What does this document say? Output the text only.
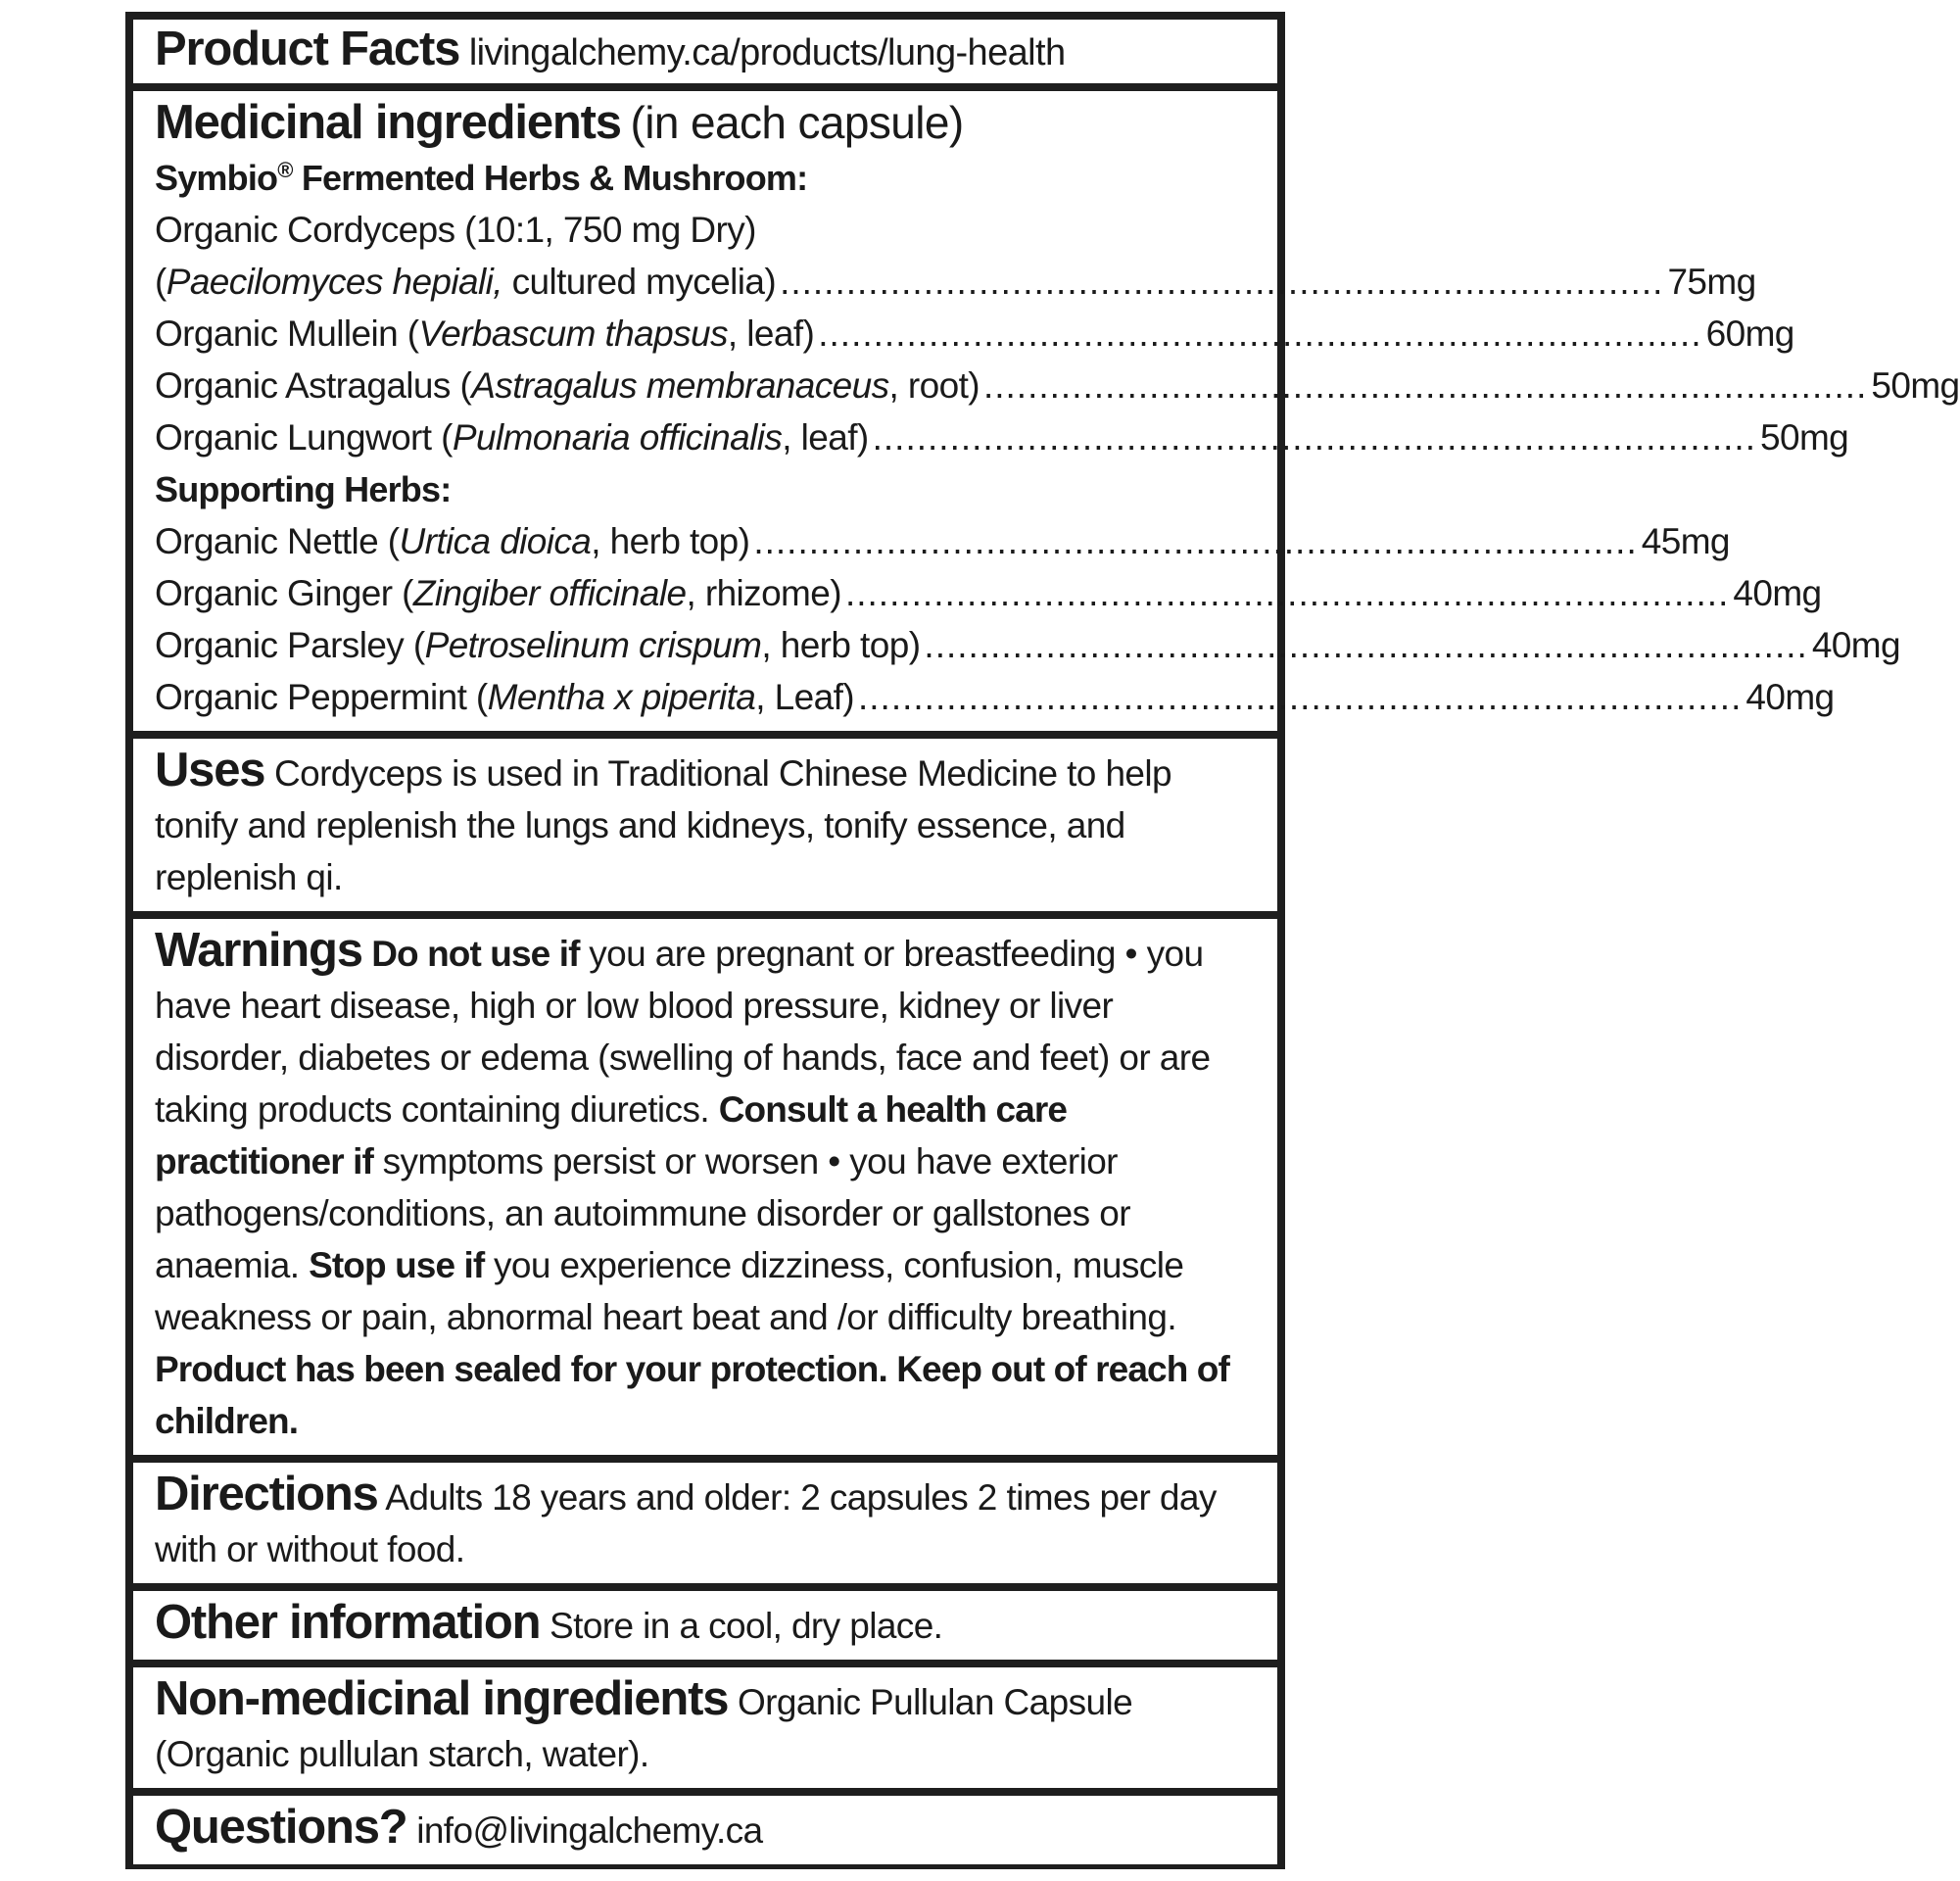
Product Facts livingalchemy.ca/products/lung-health
Medicinal ingredients (in each capsule)
Symbio® Fermented Herbs & Mushroom:
Organic Cordyceps (10:1, 750 mg Dry)
(Paecilomyces hepiali, cultured mycelia) ................................................................................ 75mg
Organic Mullein (Verbascum thapsus, leaf) ................................................................................ 60mg
Organic Astragalus (Astragalus membranaceus, root) ................................................................................ 50mg
Organic Lungwort (Pulmonaria officinalis, leaf) ................................................................................ 50mg
Supporting Herbs:
Organic Nettle (Urtica dioica, herb top) ................................................................................ 45mg
Organic Ginger (Zingiber officinale, rhizome) ................................................................................ 40mg
Organic Parsley (Petroselinum crispum, herb top) ................................................................................ 40mg
Organic Peppermint (Mentha x piperita, Leaf) ................................................................................ 40mg
Uses Cordyceps is used in Traditional Chinese Medicine to help tonify and replenish the lungs and kidneys, tonify essence, and replenish qi.
Warnings Do not use if you are pregnant or breastfeeding • you have heart disease, high or low blood pressure, kidney or liver disorder, diabetes or edema (swelling of hands, face and feet) or are taking products containing diuretics. Consult a health care practitioner if symptoms persist or worsen • you have exterior pathogens/conditions, an autoimmune disorder or gallstones or anaemia. Stop use if you experience dizziness, confusion, muscle weakness or pain, abnormal heart beat and /or difficulty breathing. Product has been sealed for your protection. Keep out of reach of children.
Directions Adults 18 years and older: 2 capsules 2 times per day with or without food.
Other information Store in a cool, dry place.
Non-medicinal ingredients Organic Pullulan Capsule (Organic pullulan starch, water).
Questions? info@livingalchemy.ca
